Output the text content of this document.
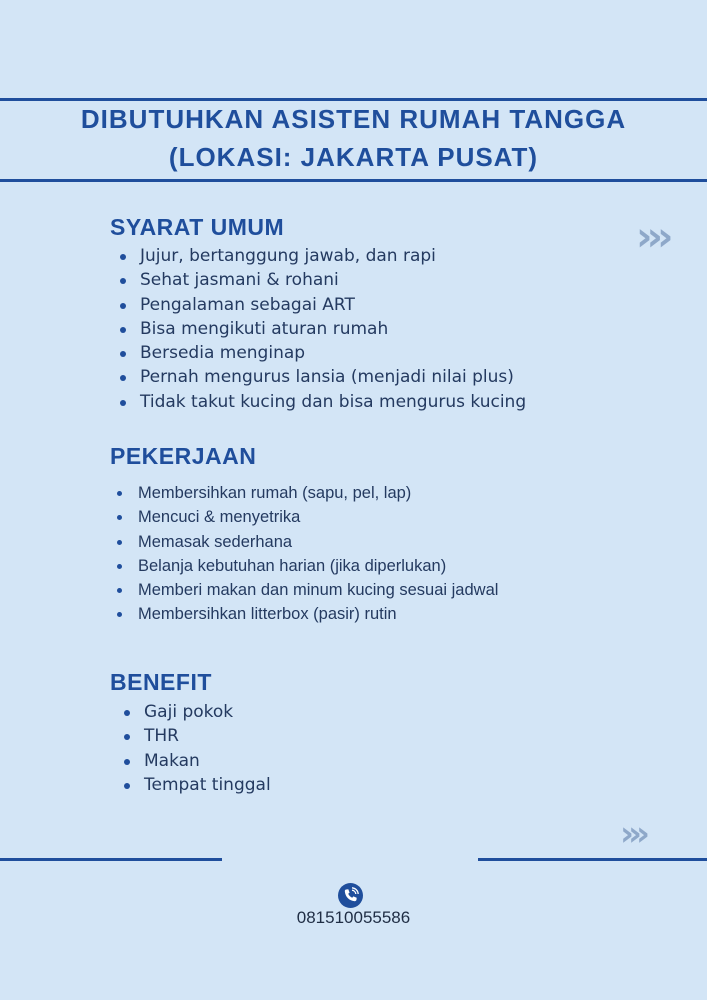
DIBUTUHKAN ASISTEN RUMAH TANGGA
(LOKASI: JAKARTA PUSAT)
›››
SYARAT UMUM
Jujur, bertanggung jawab, dan rapi
Sehat jasmani & rohani
Pengalaman sebagai ART
Bisa mengikuti aturan rumah
Bersedia menginap
Pernah mengurus lansia (menjadi nilai plus)
Tidak takut kucing dan bisa mengurus kucing
PEKERJAAN
Membersihkan rumah (sapu, pel, lap)
Mencuci & menyetrika
Memasak sederhana
Belanja kebutuhan harian (jika diperlukan)
Memberi makan dan minum kucing sesuai jadwal
Membersihkan litterbox (pasir) rutin
BENEFIT
Gaji pokok
THR
Makan
Tempat tinggal
›››
081510055586
